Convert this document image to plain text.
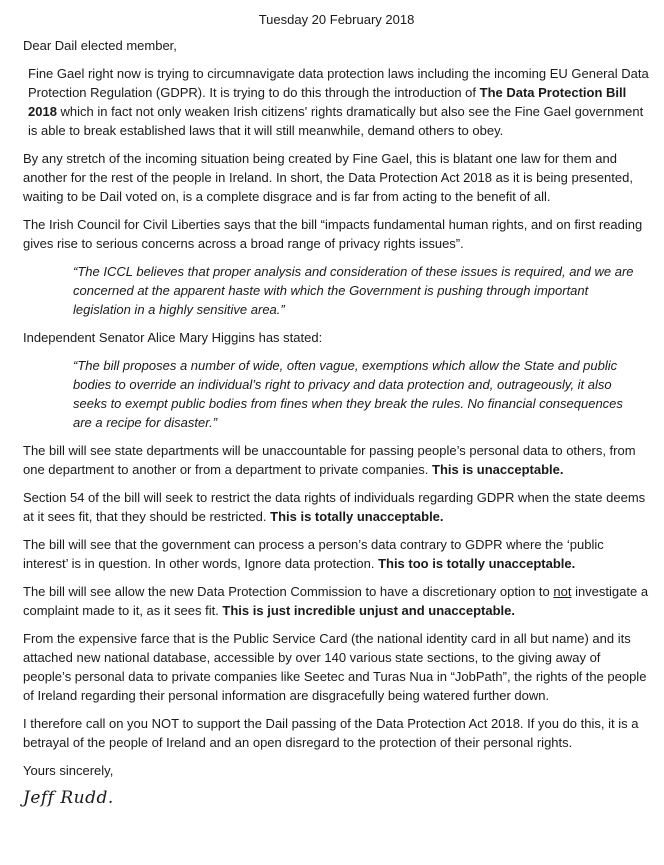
Tuesday 20 February 2018

Dear Dail elected member,

Fine Gael right now is trying to circumnavigate data protection laws including the incoming EU General Data Protection Regulation (GDPR). It is trying to do this through the introduction of The Data Protection Bill 2018 which in fact not only weaken Irish citizens' rights dramatically but also see the Fine Gael government is able to break established laws that it will still meanwhile, demand others to obey.

By any stretch of the incoming situation being created by Fine Gael, this is blatant one law for them and another for the rest of the people in Ireland. In short, the Data Protection Act 2018 as it is being presented, waiting to be Dail voted on, is a complete disgrace and is far from acting to the benefit of all.

The Irish Council for Civil Liberties says that the bill “impacts fundamental human rights, and on first reading gives rise to serious concerns across a broad range of privacy rights issues”.

“The ICCL believes that proper analysis and consideration of these issues is required, and we are concerned at the apparent haste with which the Government is pushing through important legislation in a highly sensitive area.”

Independent Senator Alice Mary Higgins has stated:

“The bill proposes a number of wide, often vague, exemptions which allow the State and public bodies to override an individual’s right to privacy and data protection and, outrageously, it also seeks to exempt public bodies from fines when they break the rules. No financial consequences are a recipe for disaster.”

The bill will see state departments will be unaccountable for passing people’s personal data to others, from one department to another or from a department to private companies. This is unacceptable.

Section 54 of the bill will seek to restrict the data rights of individuals regarding GDPR when the state deems at it sees fit, that they should be restricted. This is totally unacceptable.

The bill will see that the government can process a person’s data contrary to GDPR where the ‘public interest’ is in question. In other words, Ignore data protection. This too is totally unacceptable.

The bill will see allow the new Data Protection Commission to have a discretionary option to not investigate a complaint made to it, as it sees fit. This is just incredible unjust and unacceptable.

From the expensive farce that is the Public Service Card (the national identity card in all but name) and its attached new national database, accessible by over 140 various state sections, to the giving away of people’s personal data to private companies like Seetec and Turas Nua in “JobPath”, the rights of the people of Ireland regarding their personal information are disgracefully being watered further down.

I therefore call on you NOT to support the Dail passing of the Data Protection Act 2018. If you do this, it is a betrayal of the people of Ireland and an open disregard to the protection of their personal rights.

Yours sincerely,

Jeff Rudd.
